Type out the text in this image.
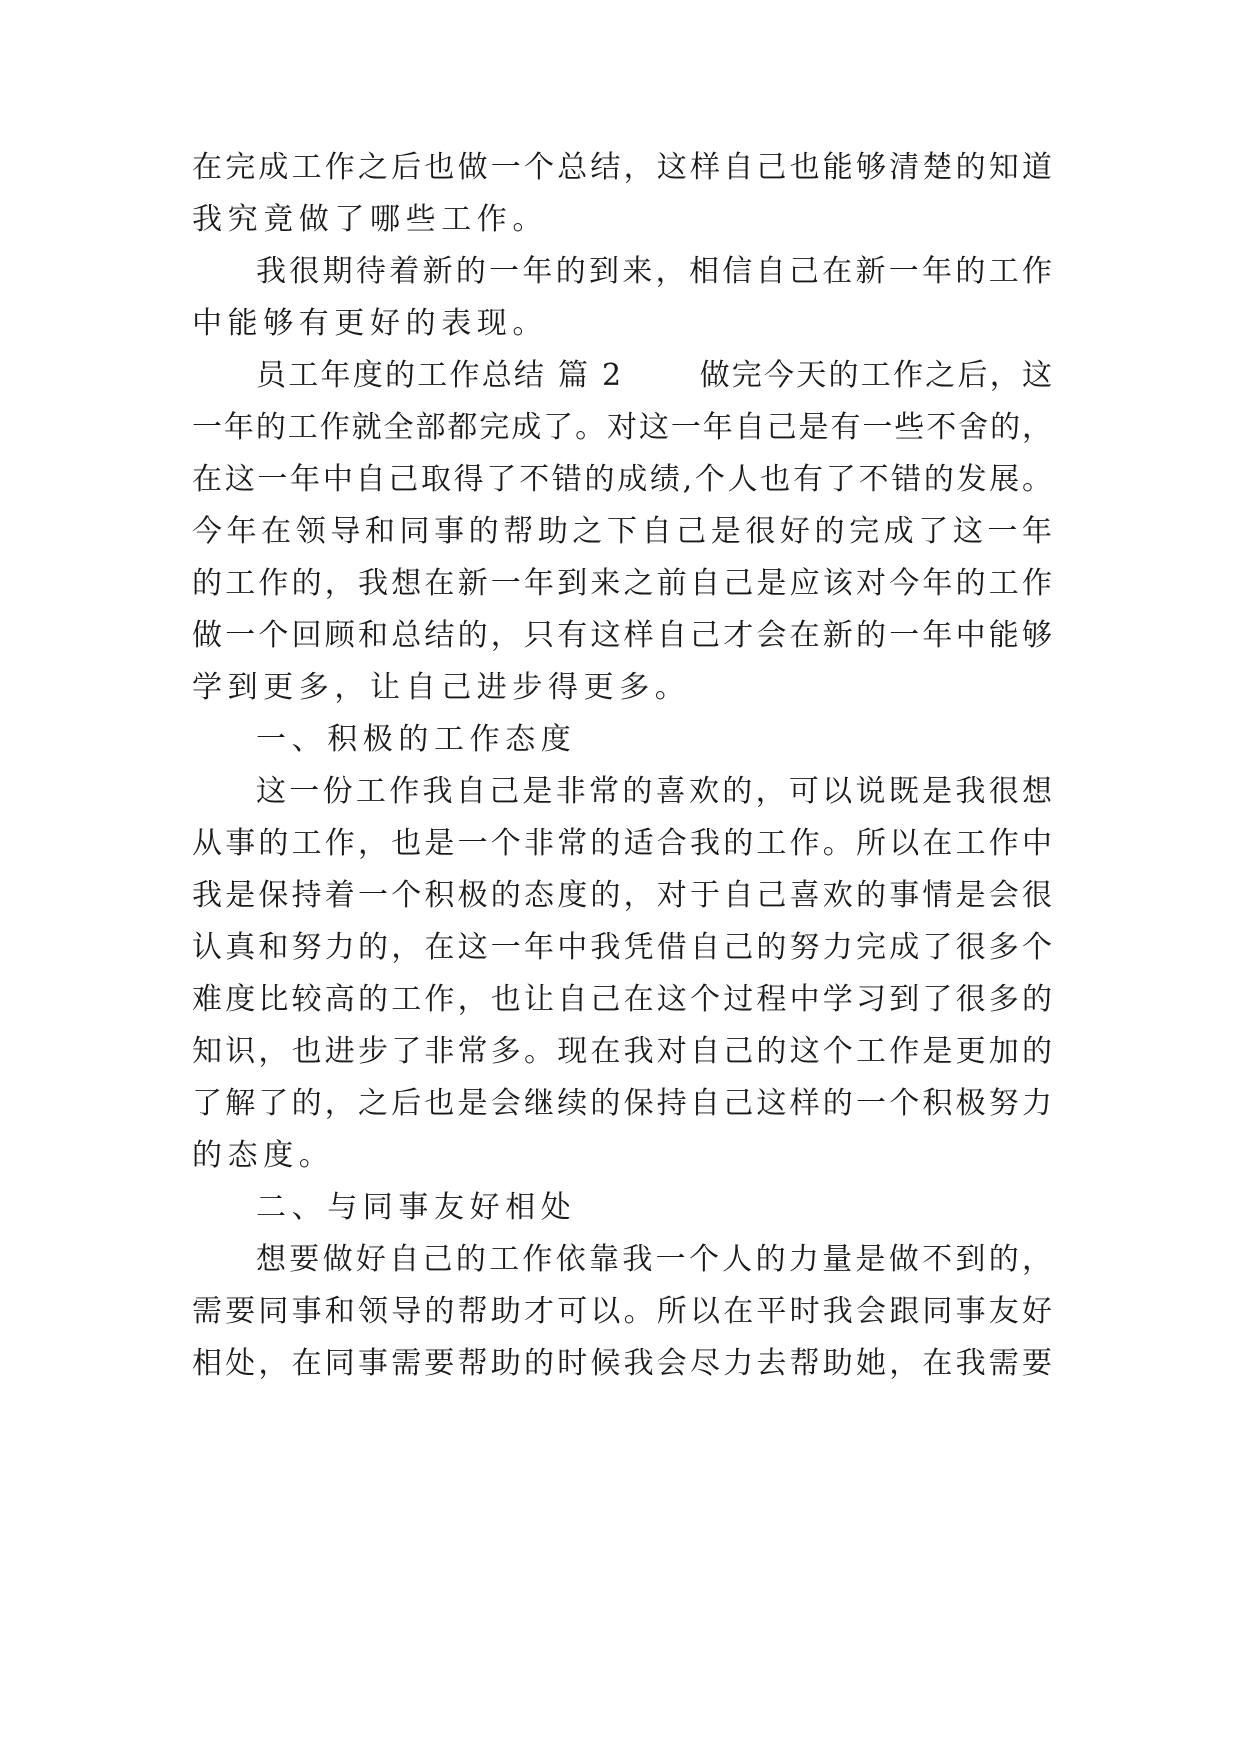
在完成工作之后也做一个总结，这样自己也能够清楚的知道
我究竟做了哪些工作。
我很期待着新的一年的到来，相信自己在新一年的工作
中能够有更好的表现。
员工年度的工作总结 篇 2　　 做完今天的工作之后，这
一年的工作就全部都完成了。对这一年自己是有一些不舍的，
在这一年中自己取得了不错的成绩,个人也有了不错的发展。
今年在领导和同事的帮助之下自己是很好的完成了这一年
的工作的，我想在新一年到来之前自己是应该对今年的工作
做一个回顾和总结的，只有这样自己才会在新的一年中能够
学到更多，让自己进步得更多。
一、积极的工作态度
这一份工作我自己是非常的喜欢的，可以说既是我很想
从事的工作，也是一个非常的适合我的工作。所以在工作中
我是保持着一个积极的态度的，对于自己喜欢的事情是会很
认真和努力的，在这一年中我凭借自己的努力完成了很多个
难度比较高的工作，也让自己在这个过程中学习到了很多的
知识，也进步了非常多。现在我对自己的这个工作是更加的
了解了的，之后也是会继续的保持自己这样的一个积极努力
的态度。
二、与同事友好相处
想要做好自己的工作依靠我一个人的力量是做不到的，
需要同事和领导的帮助才可以。所以在平时我会跟同事友好
相处，在同事需要帮助的时候我会尽力去帮助她，在我需要
